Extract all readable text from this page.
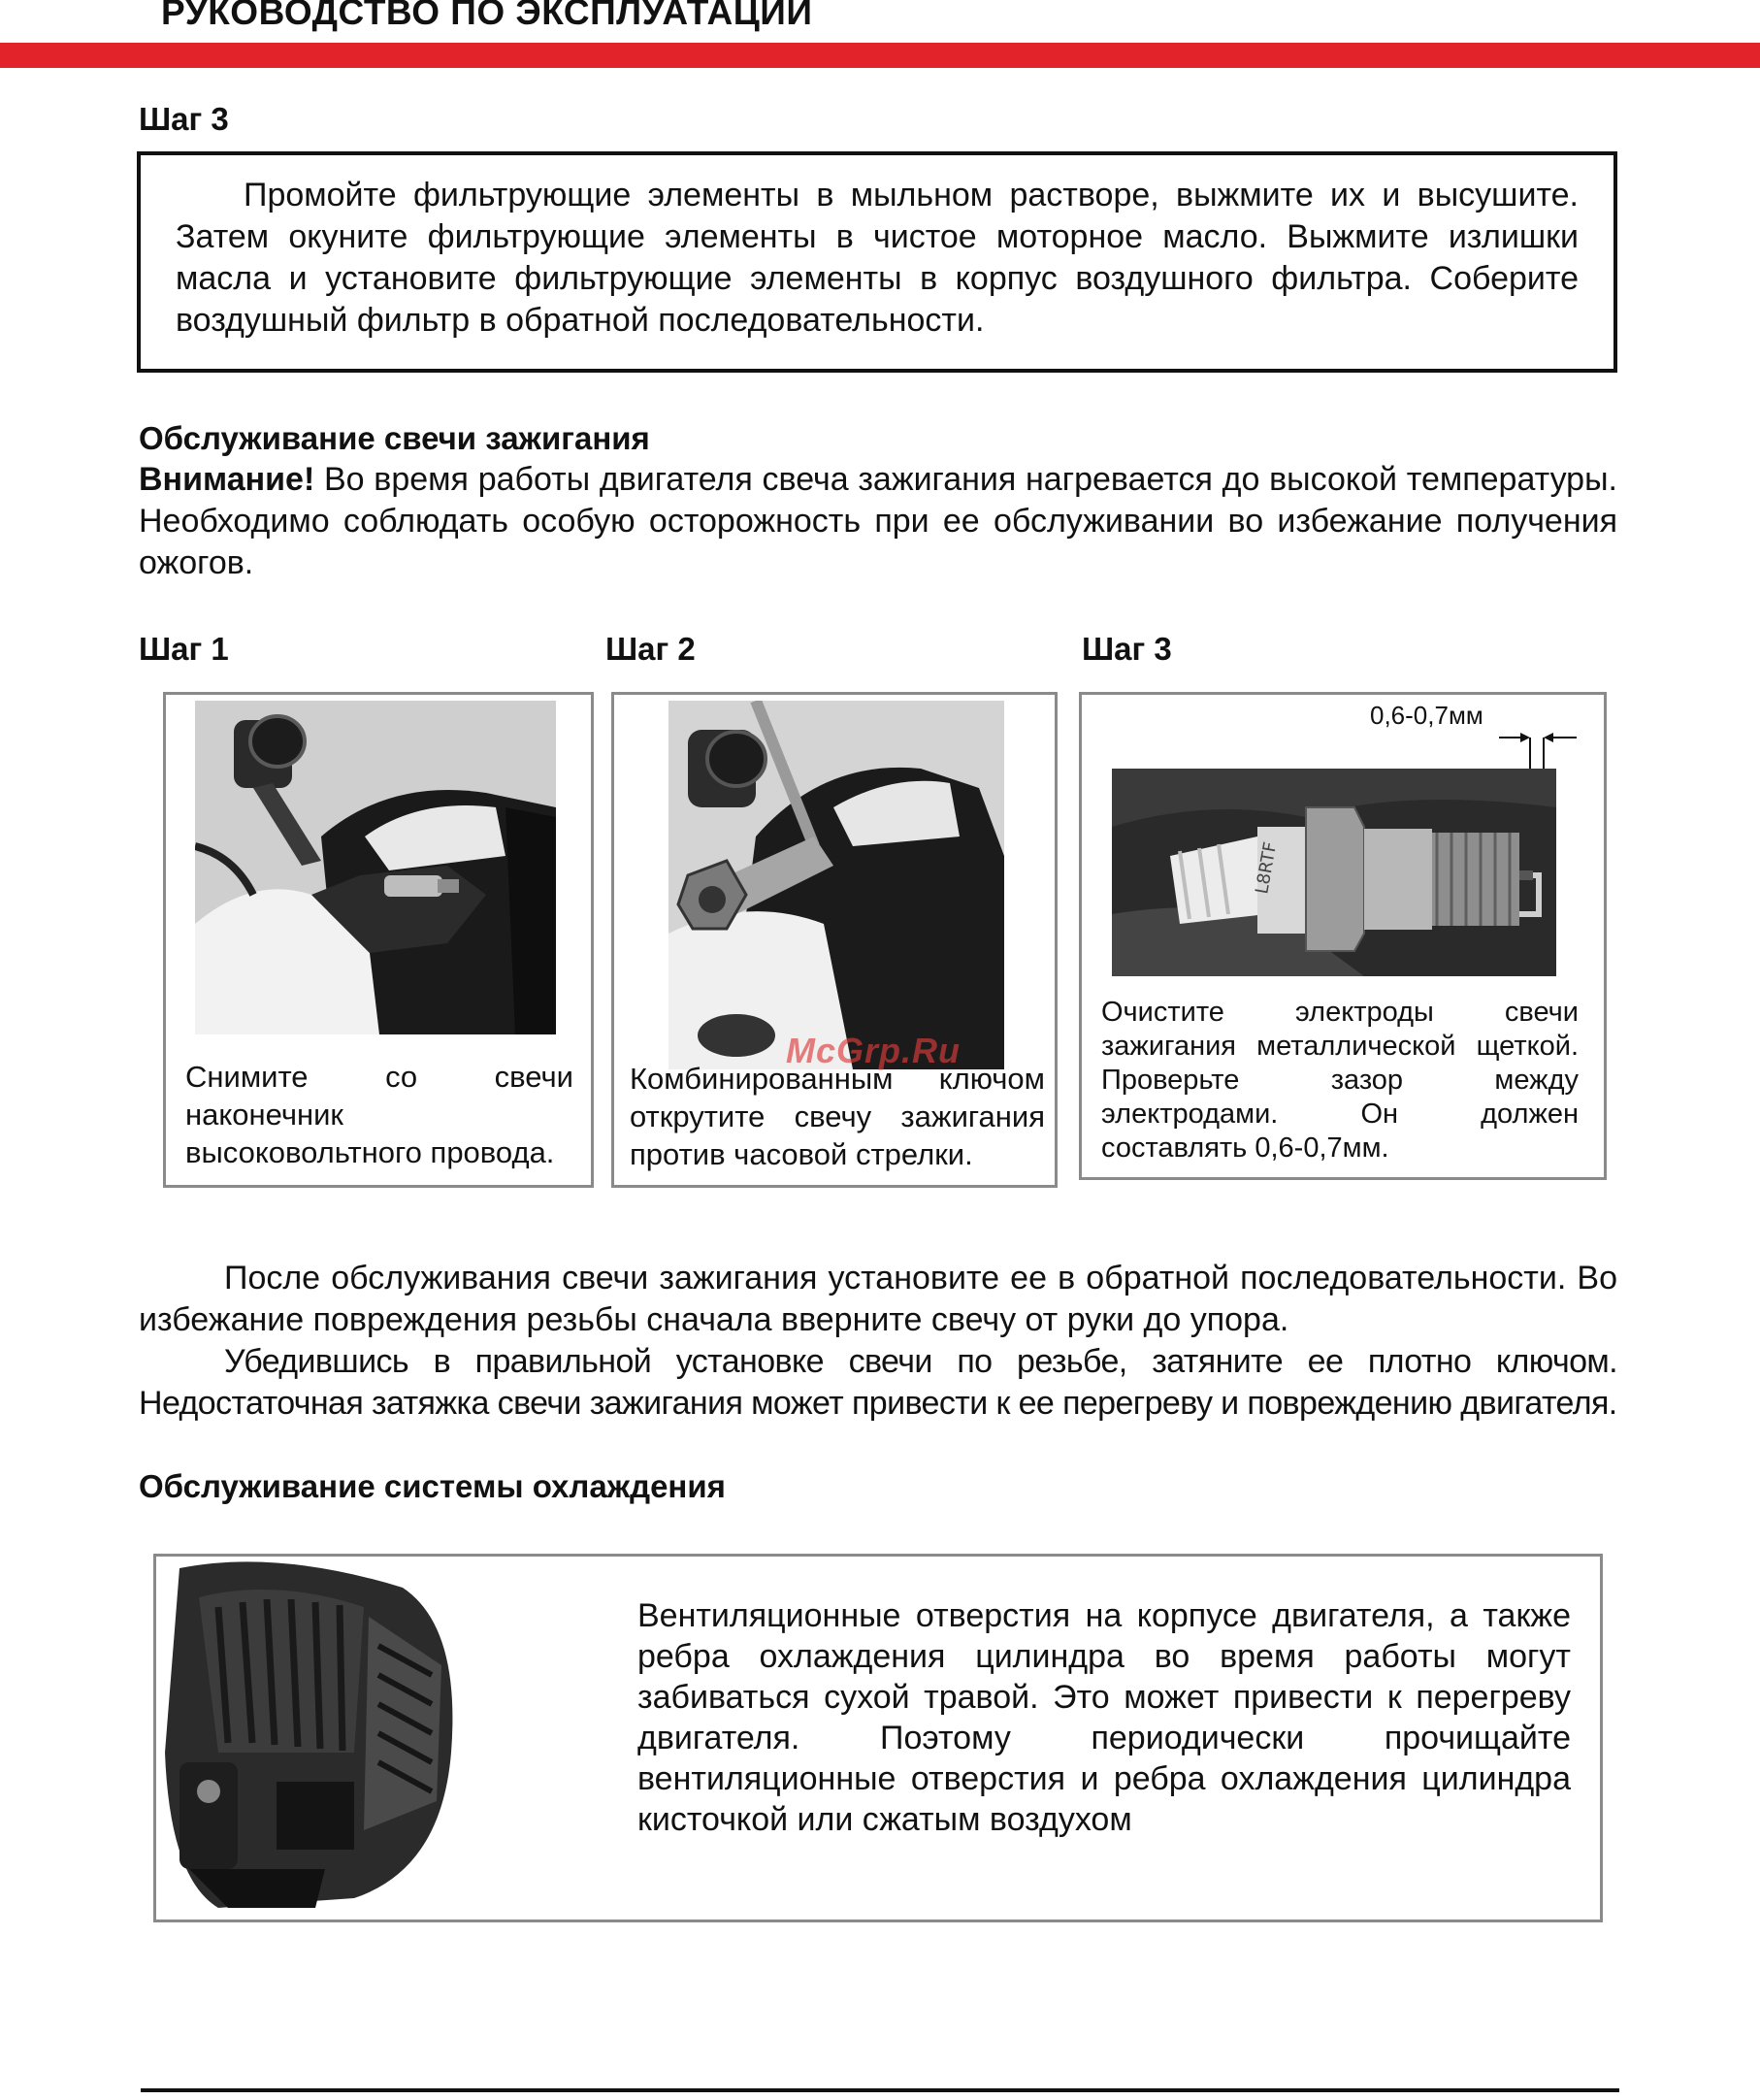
РУКОВОДСТВО ПО ЭКСПЛУАТАЦИИ
Шаг 3

Промойте фильтрующие элементы в мыльном растворе, выжмите их и высушите. Затем окуните фильтрующие элементы в чистое моторное масло. Выжмите излишки масла и установите фильтрующие элементы в корпус воздушного фильтра. Соберите воздушный фильтр в обратной последовательности.

Обслуживание свечи зажигания

Внимание! Во время работы двигателя свеча зажигания нагревается до высокой температуры. Необходимо соблюдать особую осторожность при ее обслуживании во избежание получения ожогов.

Шаг 1	Шаг 2	Шаг 3
Снимите со свечи наконечник высоковольтного провода.
Комбинированным ключом открутите свечу зажигания против часовой стрелки.
0,6-0,7мм
L8RTF
Очистите электроды свечи зажигания металлической щеткой. Проверьте зазор между электродами. Он должен составлять 0,6-0,7мм.
McGrp.Ru

После обслуживания свечи зажигания установите ее в обратной последовательности. Во избежание повреждения резьбы сначала вверните свечу от руки до упора.

Убедившись в правильной установке свечи по резьбе, затяните ее плотно ключом. Недостаточная затяжка свечи зажигания может привести к ее перегреву и повреждению двигателя.

Обслуживание системы охлаждения
Вентиляционные отверстия на корпусе двигателя, а также ребра охлаждения цилиндра во время работы могут забиваться сухой травой. Это может привести к перегреву двигателя. Поэтому периодически прочищайте вентиляционные отверстия и ребра охлаждения цилиндра кисточкой или сжатым воздухом
